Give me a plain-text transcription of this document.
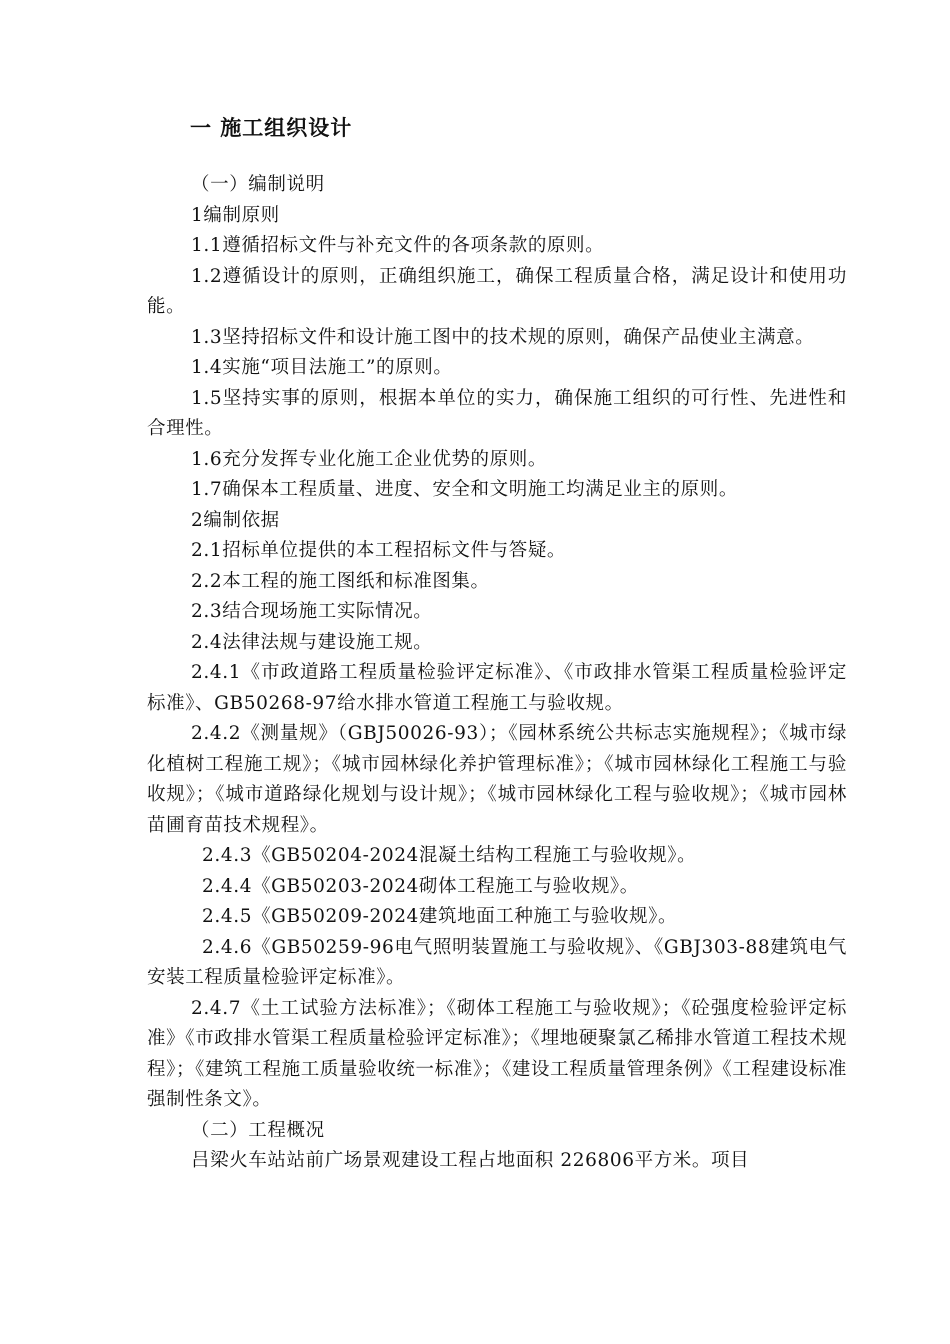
一 施工组织设计

（一）编制说明

1编制原则

1.1遵循招标文件与补充文件的各项条款的原则。

1.2遵循设计的原则，正确组织施工，确保工程质量合格，满足设计和使用功能。

1.3坚持招标文件和设计施工图中的技术规的原则，确保产品使业主满意。

1.4实施“项目法施工”的原则。

1.5坚持实事的原则，根据本单位的实力，确保施工组织的可行性、先进性和合理性。

1.6充分发挥专业化施工企业优势的原则。

1.7确保本工程质量、进度、安全和文明施工均满足业主的原则。

2编制依据

2.1招标单位提供的本工程招标文件与答疑。

2.2本工程的施工图纸和标准图集。

2.3结合现场施工实际情况。

2.4法律法规与建设施工规。

2.4.1《市政道路工程质量检验评定标准》、《市政排水管渠工程质量检验评定标准》、GB50268-97给水排水管道工程施工与验收规。

2.4.2《测量规》（GBJ50026-93）；《园林系统公共标志实施规程》；《城市绿化植树工程施工规》；《城市园林绿化养护管理标准》；《城市园林绿化工程施工与验收规》；《城市道路绿化规划与设计规》；《城市园林绿化工程与验收规》；《城市园林苗圃育苗技术规程》。

2.4.3《GB50204-2024混凝土结构工程施工与验收规》。

2.4.4《GB50203-2024砌体工程施工与验收规》。

2.4.5《GB50209-2024建筑地面工种施工与验收规》。

2.4.6《GB50259-96电气照明装置施工与验收规》、《GBJ303-88建筑电气安装工程质量检验评定标准》。

2.4.7《土工试验方法标准》；《砌体工程施工与验收规》；《砼强度检验评定标准》《市政排水管渠工程质量检验评定标准》；《埋地硬聚氯乙稀排水管道工程技术规程》；《建筑工程施工质量验收统一标准》；《建设工程质量管理条例》《工程建设标准强制性条文》。

（二）工程概况

吕梁火车站站前广场景观建设工程占地面积 226806平方米。项目
